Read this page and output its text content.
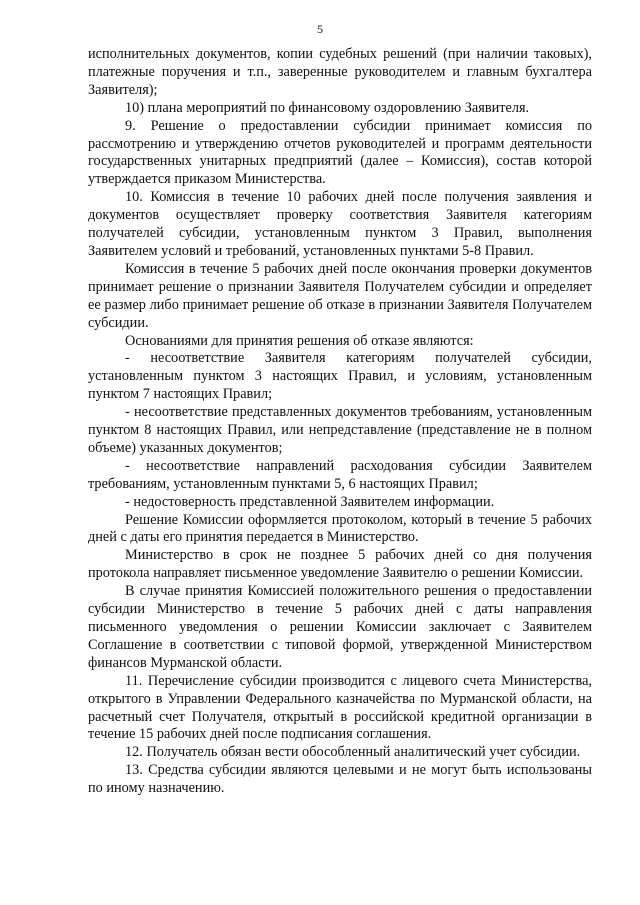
5

исполнительных документов, копии судебных решений (при наличии таковых), платежные поручения и т.п., заверенные руководителем и главным бухгалтера Заявителя);

10) плана мероприятий по финансовому оздоровлению Заявителя.

9. Решение о предоставлении субсидии принимает комиссия по рассмотрению и утверждению отчетов руководителей и программ деятельности государственных унитарных предприятий (далее – Комиссия), состав которой утверждается приказом Министерства.

10. Комиссия в течение 10 рабочих дней после получения заявления и документов осуществляет проверку соответствия Заявителя категориям получателей субсидии, установленным пунктом 3 Правил, выполнения Заявителем условий и требований, установленных пунктами 5-8 Правил.

Комиссия в течение 5 рабочих дней после окончания проверки документов принимает решение о признании Заявителя Получателем субсидии и определяет ее размер либо принимает решение об отказе в признании Заявителя Получателем субсидии.

Основаниями для принятия решения об отказе являются:

- несоответствие Заявителя категориям получателей субсидии, установленным пунктом 3 настоящих Правил, и условиям, установленным пунктом 7 настоящих Правил;

- несоответствие представленных документов требованиям, установленным пунктом 8 настоящих Правил, или непредставление (представление не в полном объеме) указанных документов;

- несоответствие направлений расходования субсидии Заявителем требованиям, установленным пунктами 5, 6 настоящих Правил;

- недостоверность представленной Заявителем информации.

Решение Комиссии оформляется протоколом, который в течение 5 рабочих дней с даты его принятия передается в Министерство.

Министерство в срок не позднее 5 рабочих дней со дня получения протокола направляет письменное уведомление Заявителю о решении Комиссии.

В случае принятия Комиссией положительного решения о предоставлении субсидии Министерство в течение 5 рабочих дней с даты направления письменного уведомления о решении Комиссии заключает с Заявителем Соглашение в соответствии с типовой формой, утвержденной Министерством финансов Мурманской области.

11. Перечисление субсидии производится с лицевого счета Министерства, открытого в Управлении Федерального казначейства по Мурманской области, на расчетный счет Получателя, открытый в российской кредитной организации в течение 15 рабочих дней после подписания соглашения.

12. Получатель обязан вести обособленный аналитический учет субсидии.

13. Средства субсидии являются целевыми и не могут быть использованы по иному назначению.
